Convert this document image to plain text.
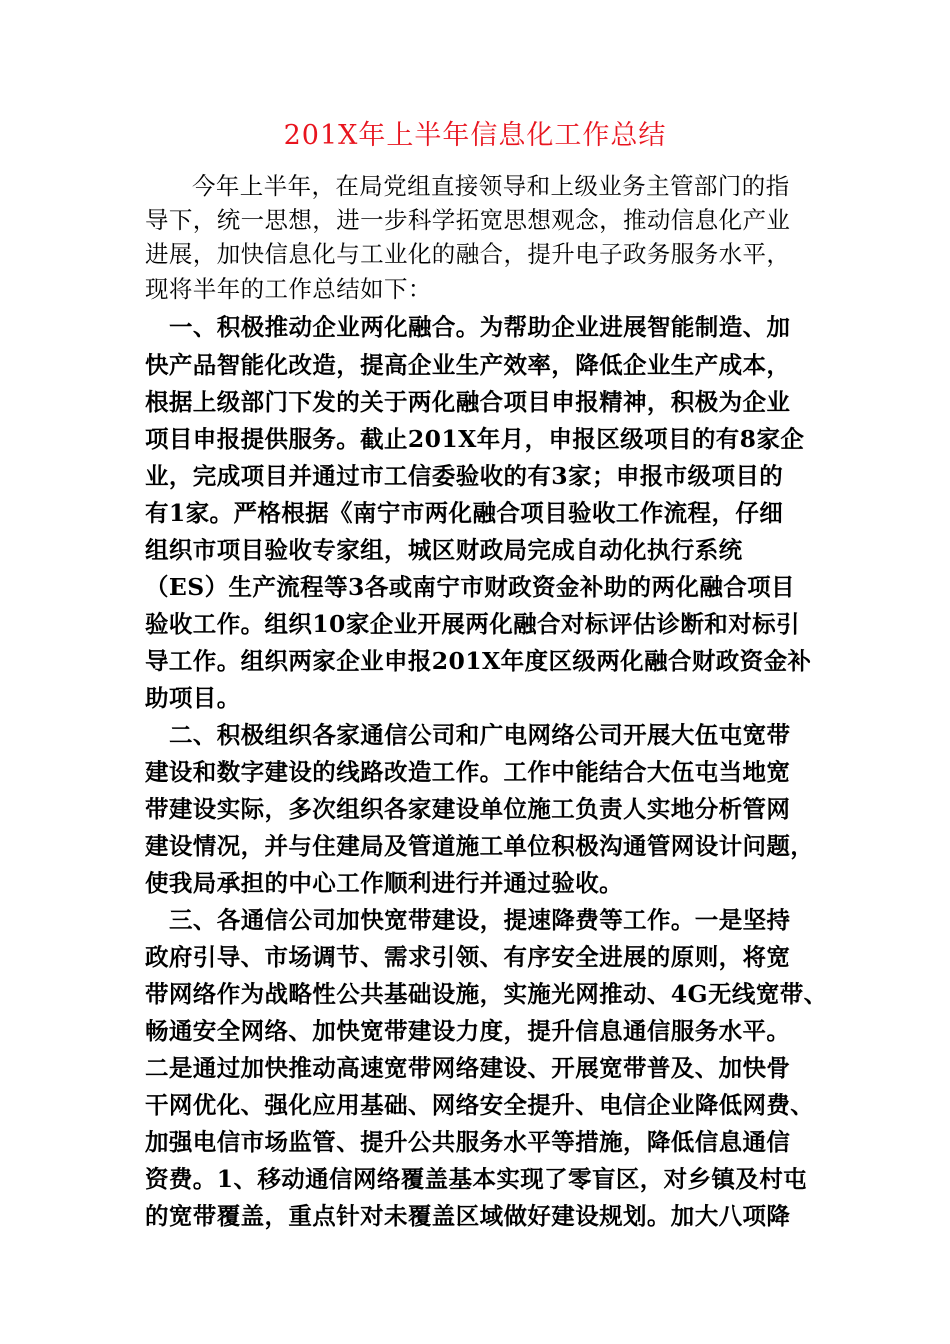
201X年上半年信息化工作总结
今年上半年，在局党组直接领导和上级业务主管部门的指
导下，统一思想，进一步科学拓宽思想观念，推动信息化产业
进展，加快信息化与工业化的融合，提升电子政务服务水平，
现将半年的工作总结如下：
一、积极推动企业两化融合。为帮助企业进展智能制造、加
快产品智能化改造，提高企业生产效率，降低企业生产成本，
根据上级部门下发的关于两化融合项目申报精神，积极为企业
项目申报提供服务。截止201X年月，申报区级项目的有8家企
业，完成项目并通过市工信委验收的有3家；申报市级项目的
有1家。严格根据《南宁市两化融合项目验收工作流程，仔细
组织市项目验收专家组，城区财政局完成自动化执行系统
（ES）生产流程等3各或南宁市财政资金补助的两化融合项目
验收工作。组织10家企业开展两化融合对标评估诊断和对标引
导工作。组织两家企业申报201X年度区级两化融合财政资金补
助项目。
二、积极组织各家通信公司和广电网络公司开展大伍屯宽带
建设和数字建设的线路改造工作。工作中能结合大伍屯当地宽
带建设实际，多次组织各家建设单位施工负责人实地分析管网
建设情况，并与住建局及管道施工单位积极沟通管网设计问题，
使我局承担的中心工作顺利进行并通过验收。
三、各通信公司加快宽带建设，提速降费等工作。一是坚持
政府引导、市场调节、需求引领、有序安全进展的原则，将宽
带网络作为战略性公共基础设施，实施光网推动、4G无线宽带、
畅通安全网络、加快宽带建设力度，提升信息通信服务水平。
二是通过加快推动高速宽带网络建设、开展宽带普及、加快骨
干网优化、强化应用基础、网络安全提升、电信企业降低网费、
加强电信市场监管、提升公共服务水平等措施，降低信息通信
资费。1、移动通信网络覆盖基本实现了零盲区，对乡镇及村屯
的宽带覆盖，重点针对未覆盖区域做好建设规划。加大八项降
